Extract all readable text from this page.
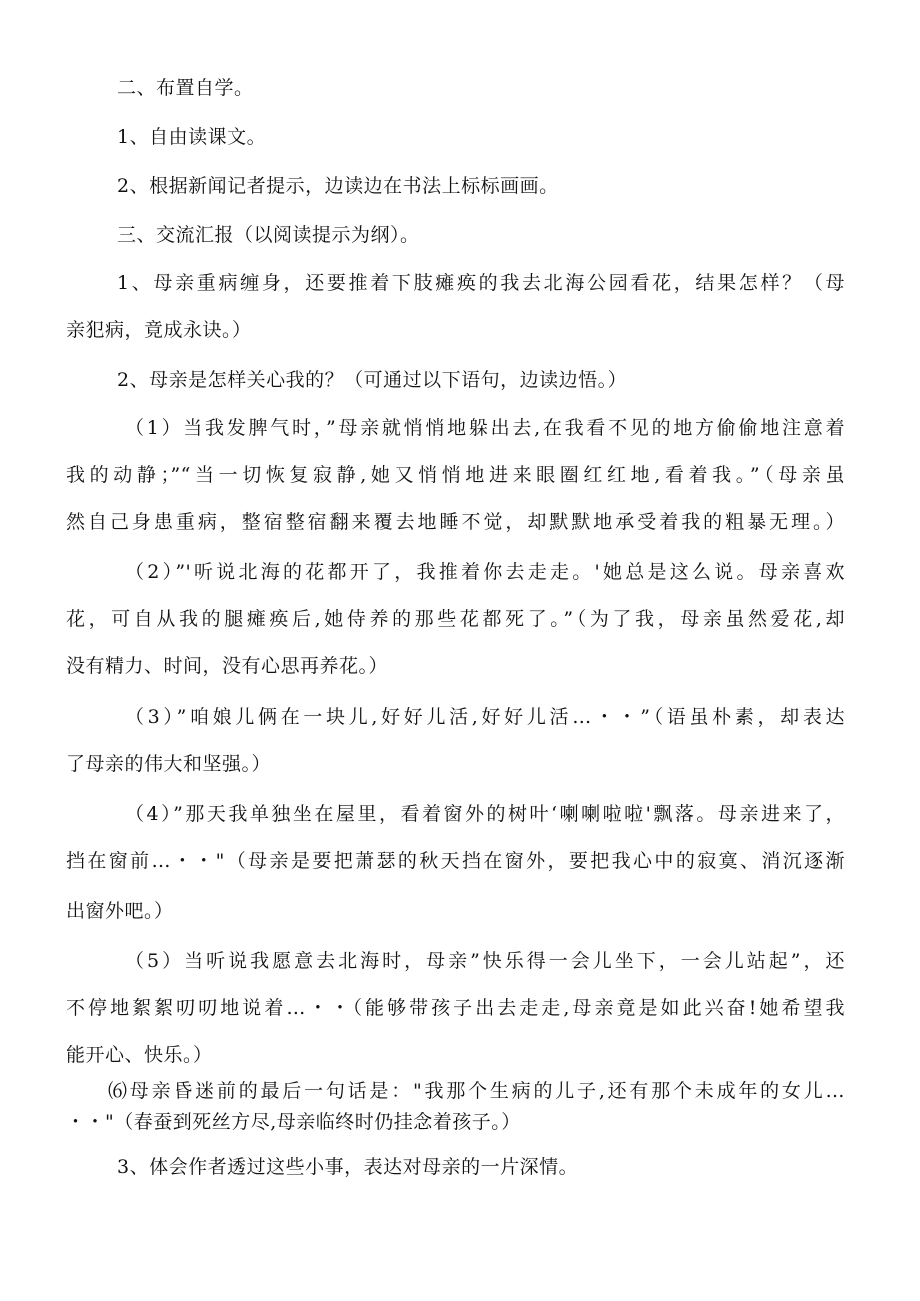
二、布置自学。

1、自由读课文。

2、根据新闻记者提示，边读边在书法上标标画画。

三、交流汇报（以阅读提示为纲）。

1、母亲重病缠身，还要推着下肢瘫痪的我去北海公园看花，结果怎样？（母

亲犯病，竟成永诀。）

2、母亲是怎样关心我的？（可通过以下语句，边读边悟。）

（1）当我发脾气时，”母亲就悄悄地躲出去,在我看不见的地方偷偷地注意着

我的动静；”“当一切恢复寂静,她又悄悄地进来眼圈红红地,看着我。”（母亲虽

然自己身患重病，整宿整宿翻来覆去地睡不觉，却默默地承受着我的粗暴无理。）

（2）”'听说北海的花都开了，我推着你去走走。'她总是这么说。母亲喜欢

花，可自从我的腿瘫痪后,她侍养的那些花都死了。”（为了我，母亲虽然爱花,却

没有精力、时间，没有心思再养花。）

（3）”咱娘儿俩在一块儿,好好儿活,好好儿活…・・”（语虽朴素，却表达

了母亲的伟大和坚强。）

（4）”那天我单独坐在屋里，看着窗外的树叶‘喇喇啦啦'飘落。母亲进来了，

挡在窗前…・・"（母亲是要把萧瑟的秋天挡在窗外，要把我心中的寂寞、消沉逐渐

出窗外吧。）

（5）当听说我愿意去北海时，母亲”快乐得一会儿坐下，一会儿站起”，还

不停地絮絮叨叨地说着…・・（能够带孩子出去走走,母亲竟是如此兴奋!她希望我

能开心、快乐。）

⑹母亲昏迷前的最后一句话是："我那个生病的儿子,还有那个未成年的女儿…

・・"（春蚕到死丝方尽,母亲临终时仍挂念着孩子。）

3、体会作者透过这些小事，表达对母亲的一片深情。
